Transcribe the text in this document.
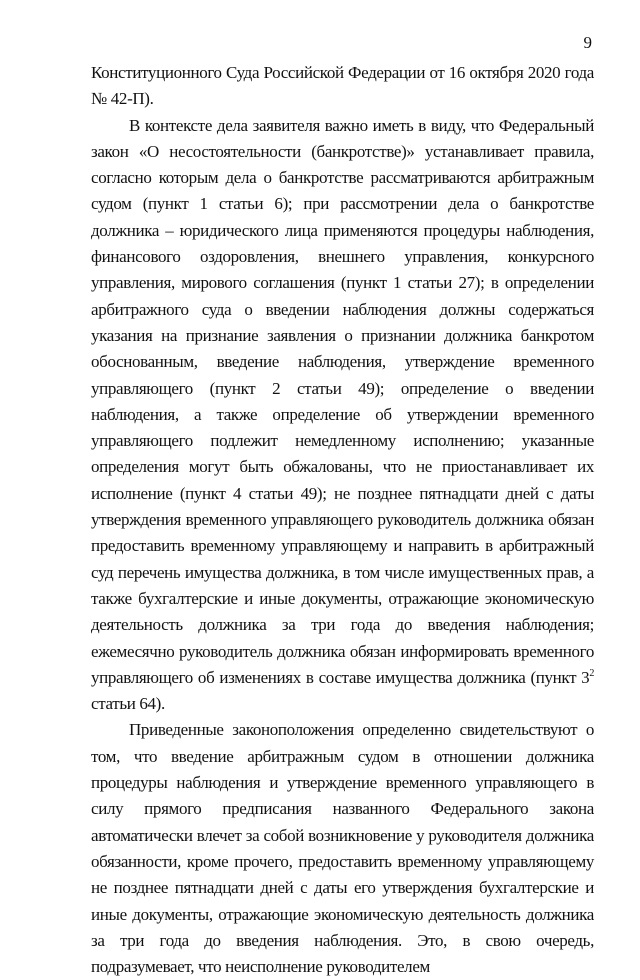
9

Конституционного Суда Российской Федерации от 16 октября 2020 года № 42-П).

В контексте дела заявителя важно иметь в виду, что Федеральный закон «О несостоятельности (банкротстве)» устанавливает правила, согласно которым дела о банкротстве рассматриваются арбитражным судом (пункт 1 статьи 6); при рассмотрении дела о банкротстве должника – юридического лица применяются процедуры наблюдения, финансового оздоровления, внешнего управления, конкурсного управления, мирового соглашения (пункт 1 статьи 27); в определении арбитражного суда о введении наблюдения должны содержаться указания на признание заявления о признании должника банкротом обоснованным, введение наблюдения, утверждение временного управляющего (пункт 2 статьи 49); определение о введении наблюдения, а также определение об утверждении временного управляющего подлежит немедленному исполнению; указанные определения могут быть обжалованы, что не приостанавливает их исполнение (пункт 4 статьи 49); не позднее пятнадцати дней с даты утверждения временного управляющего руководитель должника обязан предоставить временному управляющему и направить в арбитражный суд перечень имущества должника, в том числе имущественных прав, а также бухгалтерские и иные документы, отражающие экономическую деятельность должника за три года до введения наблюдения; ежемесячно руководитель должника обязан информировать временного управляющего об изменениях в составе имущества должника (пункт $3^2$ статьи 64).

Приведенные законоположения определенно свидетельствуют о том, что введение арбитражным судом в отношении должника процедуры наблюдения и утверждение временного управляющего в силу прямого предписания названного Федерального закона автоматически влечет за собой возникновение у руководителя должника обязанности, кроме прочего, предоставить временному управляющему не позднее пятнадцати дней с даты его утверждения бухгалтерские и иные документы, отражающие экономическую деятельность должника за три года до введения наблюдения. Это, в свою очередь, подразумевает, что неисполнение руководителем
